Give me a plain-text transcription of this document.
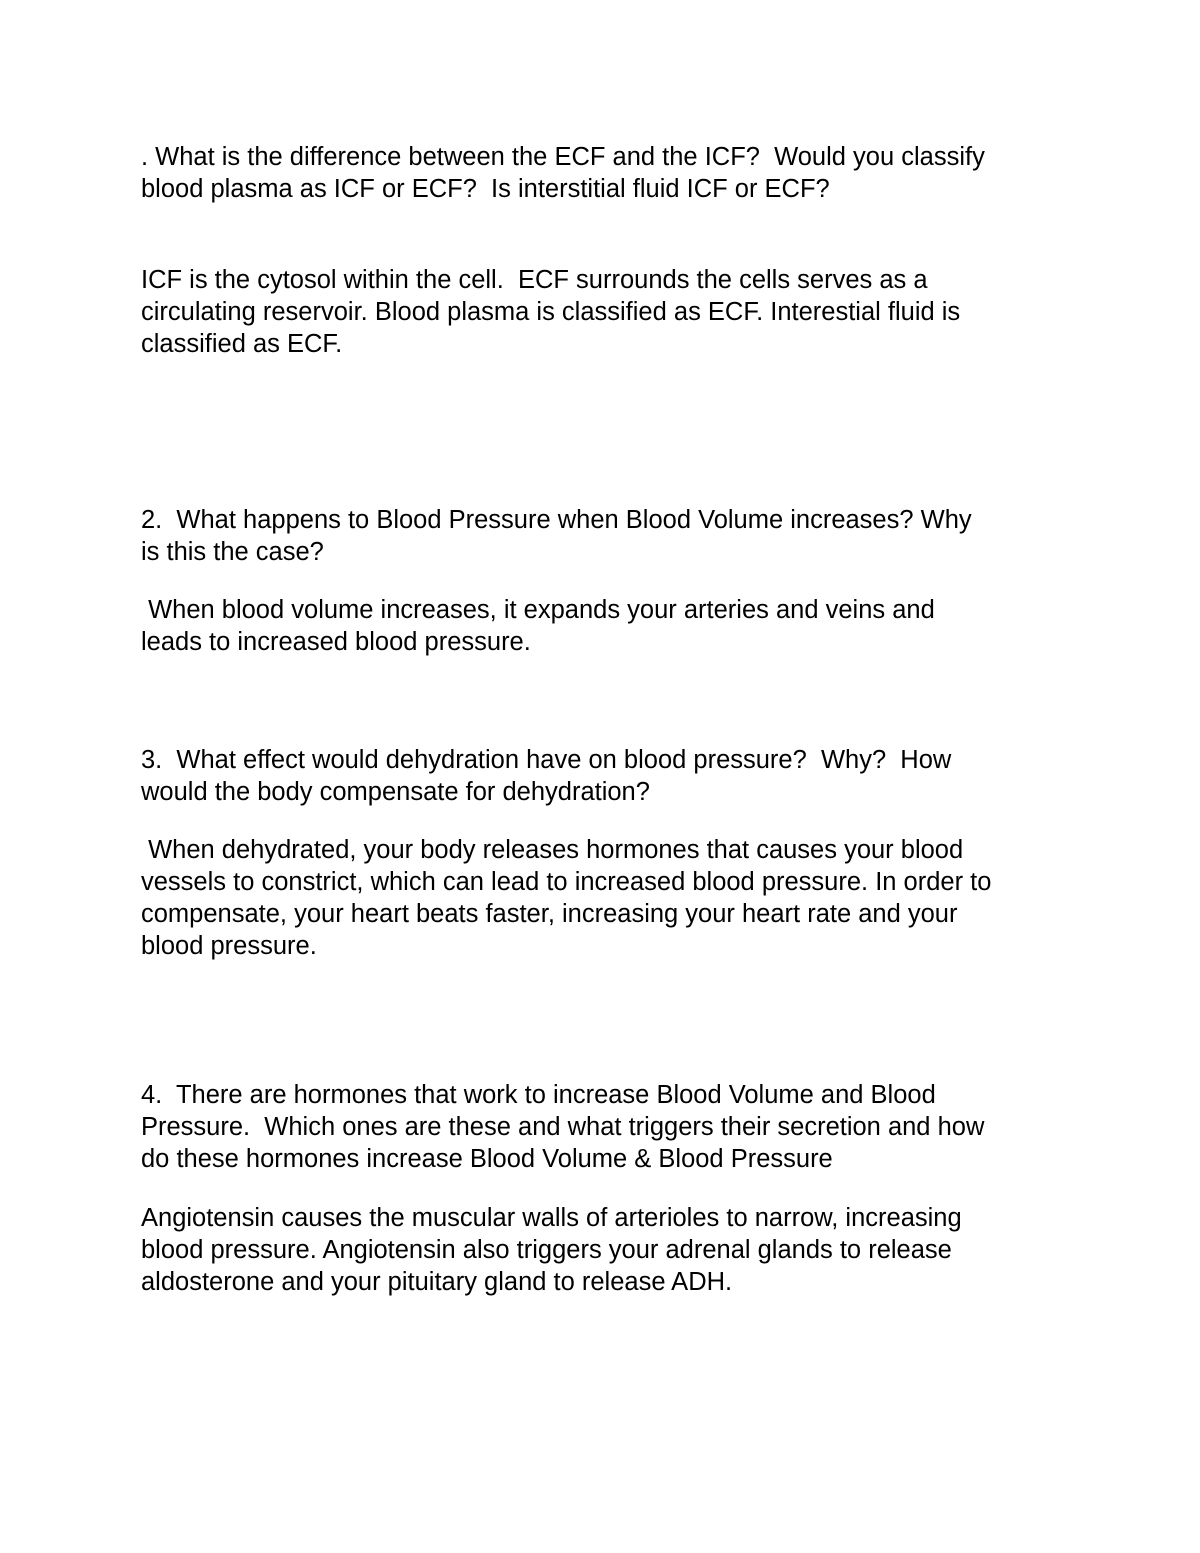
. What is the difference between the ECF and the ICF?  Would you classify

blood plasma as ICF or ECF?  Is interstitial fluid ICF or ECF?

ICF is the cytosol within the cell.  ECF surrounds the cells serves as a

circulating reservoir. Blood plasma is classified as ECF. Interestial fluid is

classified as ECF.

2.  What happens to Blood Pressure when Blood Volume increases? Why

is this the case?

When blood volume increases, it expands your arteries and veins and

leads to increased blood pressure.

3.  What effect would dehydration have on blood pressure?  Why?  How

would the body compensate for dehydration?

When dehydrated, your body releases hormones that causes your blood

vessels to constrict, which can lead to increased blood pressure. In order to

compensate, your heart beats faster, increasing your heart rate and your

blood pressure.

4.  There are hormones that work to increase Blood Volume and Blood

Pressure.  Which ones are these and what triggers their secretion and how

do these hormones increase Blood Volume & Blood Pressure

Angiotensin causes the muscular walls of arterioles to narrow, increasing

blood pressure. Angiotensin also triggers your adrenal glands to release

aldosterone and your pituitary gland to release ADH.
